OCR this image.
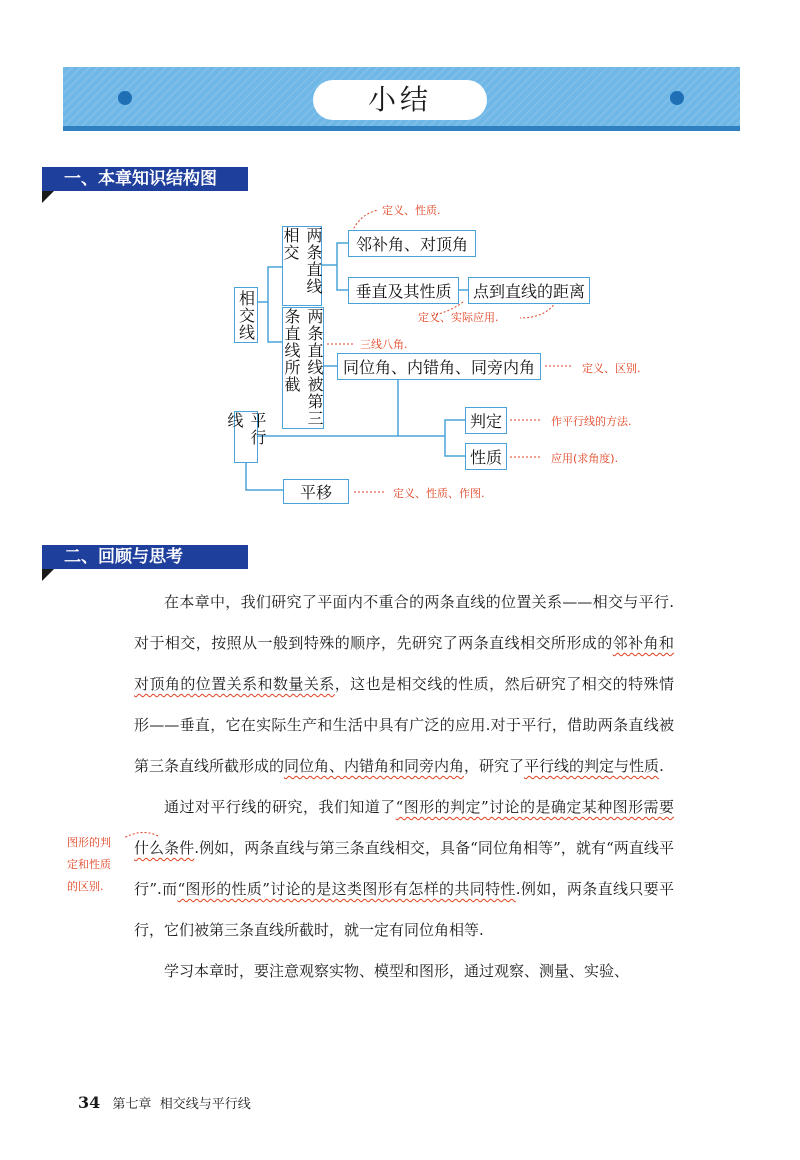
小结
一、本章知识结构图
相交线
两条直线相交
两条直线被第三条直线所截
平行线
邻补角、对顶角
垂直及其性质	点到直线的距离
同位角、内错角、同旁内角
判定
性质
平移
定义、性质.
定义、实际应用.
三线八角.
定义、区别.
作平行线的方法.
应用(求角度).
定义、性质、作图.
二、回顾与思考

在本章中，我们研究了平面内不重合的两条直线的位置关系——相交与平行.对于相交，按照从一般到特殊的顺序，先研究了两条直线相交所形成的邻补角和对顶角的位置关系和数量关系，这也是相交线的性质，然后研究了相交的特殊情形——垂直，它在实际生产和生活中具有广泛的应用.对于平行，借助两条直线被第三条直线所截形成的同位角、内错角和同旁内角，研究了平行线的判定与性质.

通过对平行线的研究，我们知道了“图形的判定”讨论的是确定某种图形需要什么条件.例如，两条直线与第三条直线相交，具备“同位角相等”，就有“两直线平行”.而“图形的性质”讨论的是这类图形有怎样的共同特性.例如，两条直线只要平行，它们被第三条直线所截时，就一定有同位角相等.

学习本章时，要注意观察实物、模型和图形，通过观察、测量、实验、

图形的判
定和性质
的区别.
34 第七章 相交线与平行线
